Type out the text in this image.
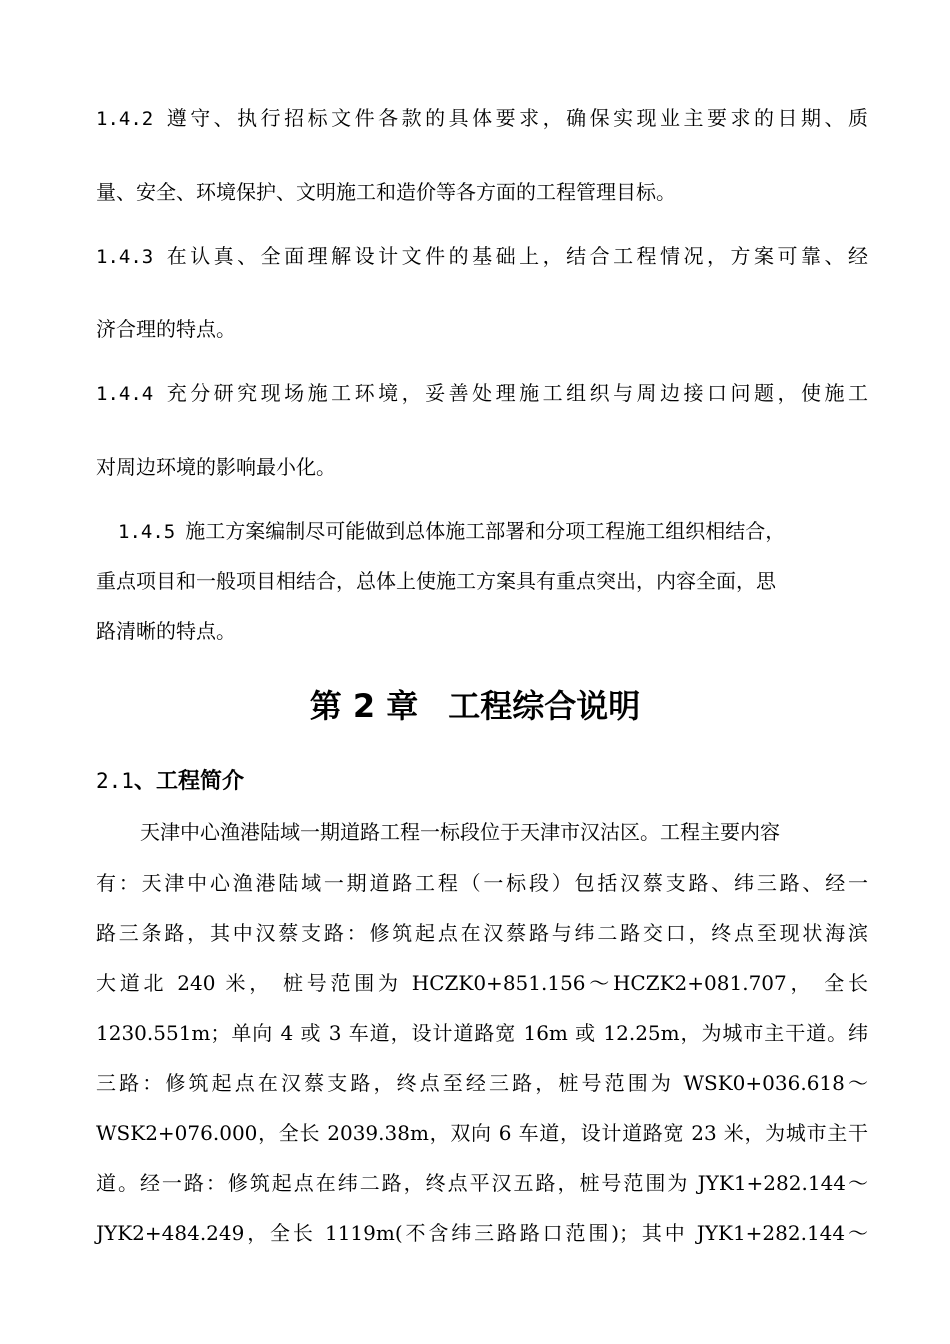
1.4.2 遵守、执行招标文件各款的具体要求，确保实现业主要求的日期、质
量、安全、环境保护、文明施工和造价等各方面的工程管理目标。
1.4.3 在认真、全面理解设计文件的基础上，结合工程情况，方案可靠、经
济合理的特点。
1.4.4 充分研究现场施工环境，妥善处理施工组织与周边接口问题，使施工
对周边环境的影响最小化。
1.4.5 施工方案编制尽可能做到总体施工部署和分项工程施工组织相结合，
重点项目和一般项目相结合，总体上使施工方案具有重点突出，内容全面，思
路清晰的特点。
第 2 章 工程综合说明
2.1、工程简介
天津中心渔港陆域一期道路工程一标段位于天津市汉沽区。工程主要内容
有：天津中心渔港陆域一期道路工程（一标段）包括汉蔡支路、纬三路、经一
路三条路，其中汉蔡支路：修筑起点在汉蔡路与纬二路交口，终点至现状海滨
大道北 240 米， 桩号范围为 HCZK0+851.156～HCZK2+081.707， 全长
1230.551m；单向 4 或 3 车道，设计道路宽 16m 或 12.25m，为城市主干道。纬
三路：修筑起点在汉蔡支路，终点至经三路，桩号范围为 WSK0+036.618～
WSK2+076.000，全长 2039.38m，双向 6 车道，设计道路宽 23 米，为城市主干
道。经一路：修筑起点在纬二路，终点平汉五路，桩号范围为 JYK1+282.144～
JYK2+484.249，全长 1119m(不含纬三路路口范围)；其中 JYK1+282.144～
